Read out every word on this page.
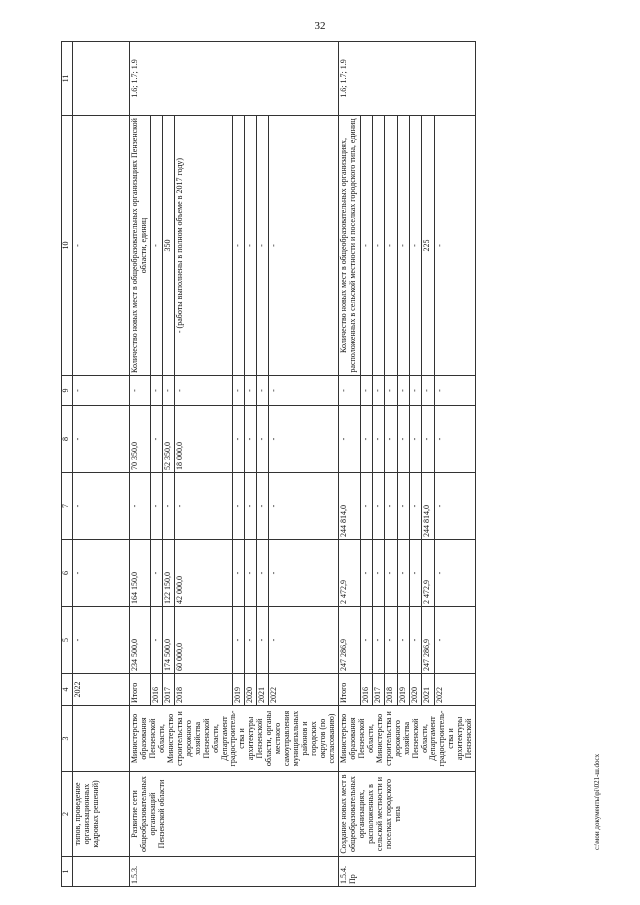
32
1	2	3	4	5	6	7	8	9	10	11
	типов, проведение организационных кадровых решений)		2022	-	-	-	-	-	-	
1.5.3.	Развитие сети общеобразовательных организаций Пензенской области	Министерство образования Пензенской области, Министерство строительства и дорожного хозяйства Пензенской области, Департамент градостроительства и архитектуры Пензенской области, органы местного самоуправления муниципальных районов и городских округов (по согласованию)	Итого	234 500,0	164 150,0	-	70 350,0	-	Количество новых мест в общеобразовательных организациях Пензенской области, единиц	1.6; 1.7; 1.9
			2016	-	-	-	-	-	-	
			2017	174 500,0	122 150,0	-	52 350,0	-	350	
			2018	60 000,0	42 000,0	-	18 000,0	-	- (работы выполнены в полном объеме в 2017 году)	
			2019	-	-	-	-	-	-	
			2020	-	-	-	-	-	-	
			2021	-	-	-	-	-	-	
			2022	-	-	-	-	-	-	
1.5.4. Пр	Создание новых мест в общеобразовательных организациях, расположенных в сельской местности и поселках городского типа	Министерство образования Пензенской области, Министерство строительства и дорожного хозяйства Пензенской области, Департамент градостроительства и архитектуры Пензенской	Итого	247 286,9	2 472,9	244 814,0	-	-	Количество новых мест в общеобразовательных организациях, расположенных в сельской местности и поселках городского типа, единиц	1.6; 1.7; 1.9
			2016	-	-	-	-	-	-	
			2017	-	-	-	-	-	-	
			2018	-	-	-	-	-	-	
			2019	-	-	-	-	-	-	
			2020	-	-	-	-	-	-	
			2021	247 286,9	2 472,9	244 814,0	-	-	225	
			2022	-	-	-	-	-	-	
c:\мои документы\pi\021-ш.docx
